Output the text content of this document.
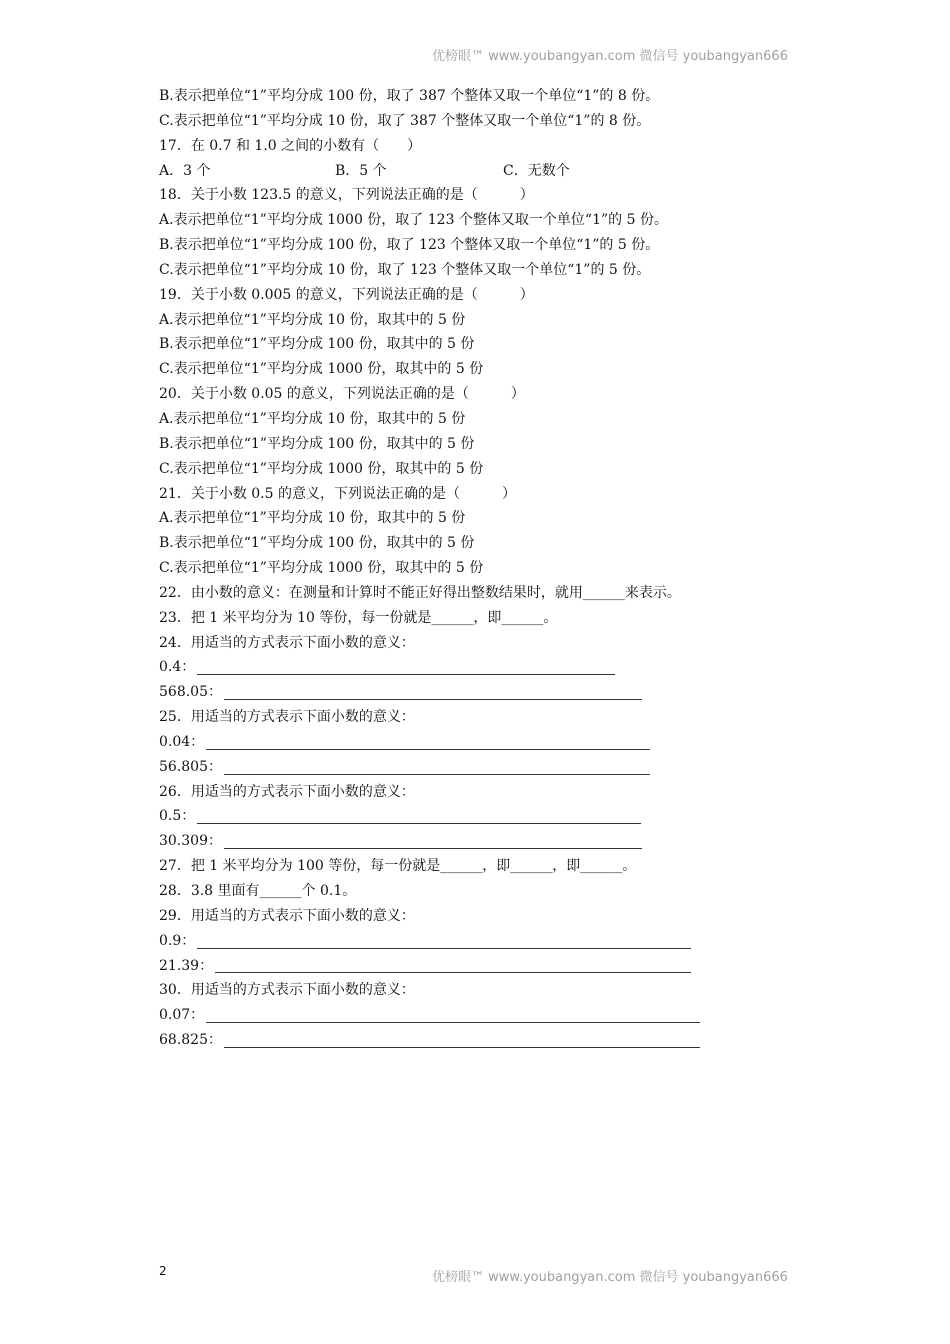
优榜眼™ www.youbangyan.com 微信号 youbangyan666
B.表示把单位“1”平均分成 100 份，取了 387 个整体又取一个单位“1”的 8 份。
C.表示把单位“1”平均分成 10 份，取了 387 个整体又取一个单位“1”的 8 份。
17．在 0.7 和 1.0 之间的小数有（　　）
A．3 个	B．5 个	C．无数个
18．关于小数 123.5 的意义，下列说法正确的是（　　　）
A.表示把单位“1”平均分成 1000 份，取了 123 个整体又取一个单位“1”的 5 份。
B.表示把单位“1”平均分成 100 份，取了 123 个整体又取一个单位“1”的 5 份。
C.表示把单位“1”平均分成 10 份，取了 123 个整体又取一个单位“1”的 5 份。
19．关于小数 0.005 的意义，下列说法正确的是（　　　）
A.表示把单位“1”平均分成 10 份，取其中的 5 份
B.表示把单位“1”平均分成 100 份，取其中的 5 份
C.表示把单位“1”平均分成 1000 份，取其中的 5 份
20．关于小数 0.05 的意义，下列说法正确的是（　　　）
A.表示把单位“1”平均分成 10 份，取其中的 5 份
B.表示把单位“1”平均分成 100 份，取其中的 5 份
C.表示把单位“1”平均分成 1000 份，取其中的 5 份
21．关于小数 0.5 的意义，下列说法正确的是（　　　）
A.表示把单位“1”平均分成 10 份，取其中的 5 份
B.表示把单位“1”平均分成 100 份，取其中的 5 份
C.表示把单位“1”平均分成 1000 份，取其中的 5 份
22．由小数的意义：在测量和计算时不能正好得出整数结果时，就用______来表示。
23．把 1 米平均分为 10 等份，每一份就是______，即______。
24．用适当的方式表示下面小数的意义：
0.4：
568.05：
25．用适当的方式表示下面小数的意义：
0.04：
56.805：
26．用适当的方式表示下面小数的意义：
0.5：
30.309：
27．把 1 米平均分为 100 等份，每一份就是______，即______，即______。
28．3.8 里面有______个 0.1。
29．用适当的方式表示下面小数的意义：
0.9：
21.39：
30．用适当的方式表示下面小数的意义：
0.07：
68.825：
2	优榜眼™ www.youbangyan.com 微信号 youbangyan666
